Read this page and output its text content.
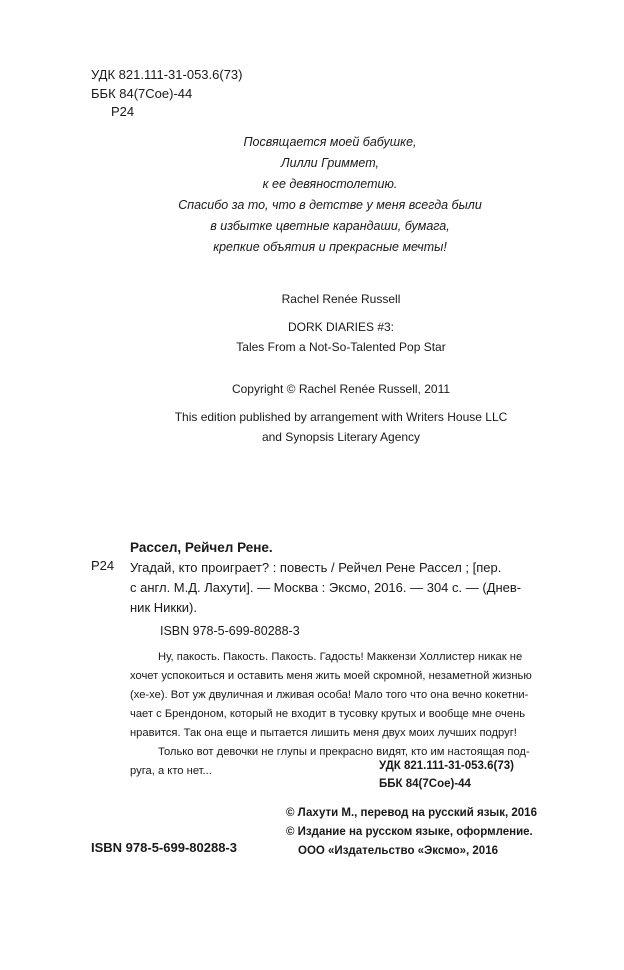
УДК 821.111-31-053.6(73)
ББК 84(7Сое)-44
Р24
Посвящается моей бабушке,
Лилли Гриммет,
к ее девяностолетию.
Спасибо за то, что в детстве у меня всегда были
в избытке цветные карандаши, бумага,
крепкие объятия и прекрасные мечты!
Rachel Renée Russell
DORK DIARIES #3:
Tales From a Not-So-Talented Pop Star
Copyright © Rachel Renée Russell, 2011
This edition published by arrangement with Writers House LLC
and Synopsis Literary Agency
Рассел, Рейчел Рене.
Р24 Угадай, кто проиграет? : повесть / Рейчел Рене Рассел ; [пер.
с англ. М.Д. Лахути]. — Москва : Эксмо, 2016. — 304 с. — (Днев-
ник Никки).
ISBN 978-5-699-80288-3
Ну, пакость. Пакость. Пакость. Гадость! Маккензи Холлистер никак не
хочет успокоиться и оставить меня жить моей скромной, незаметной жизнью
(хе-хе). Вот уж двуличная и лживая особа! Мало того что она вечно кокетни-
чает с Брендоном, который не входит в тусовку крутых и вообще мне очень
нравится. Так она еще и пытается лишить меня двух моих лучших подруг!
Только вот девочки не глупы и прекрасно видят, кто им настоящая под-
руга, а кто нет...	УДК 821.111-31-053.6(73)
ББК 84(7Сое)-44
© Лахути М., перевод на русский язык, 2016
© Издание на русском языке, оформление.
ООО «Издательство «Эксмо», 2016
ISBN 978-5-699-80288-3
